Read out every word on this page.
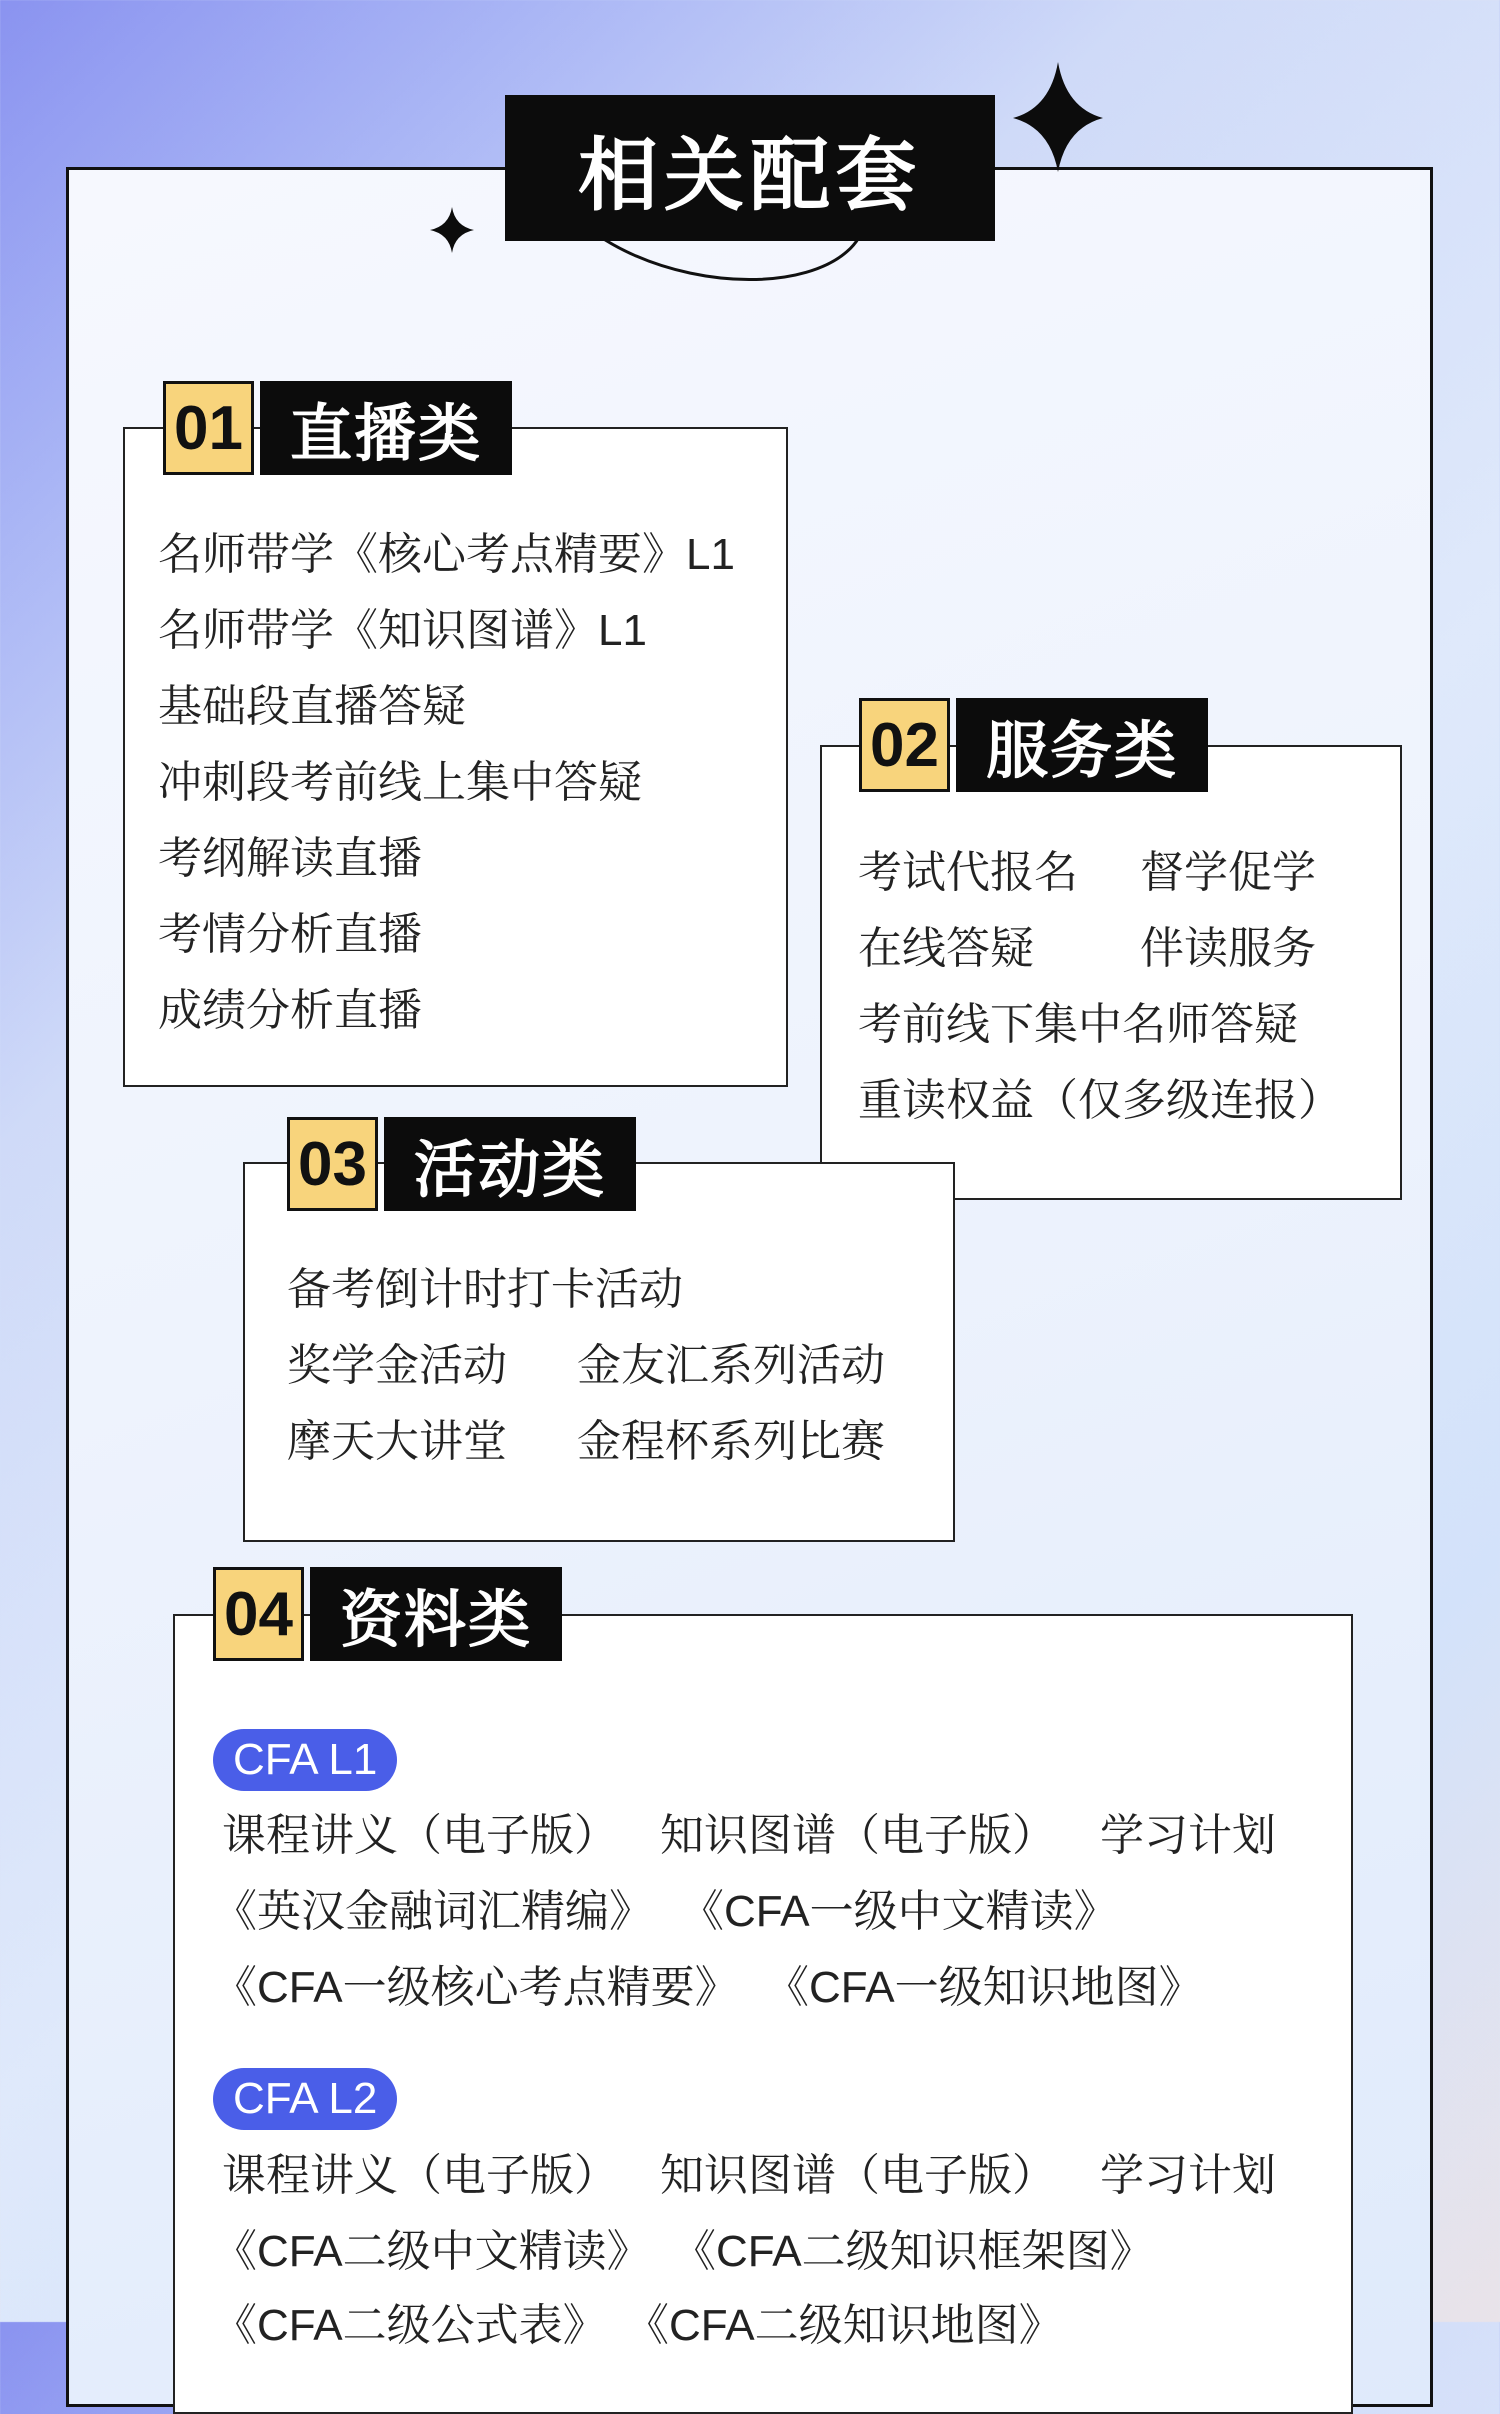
相关配套
01 直播类
名师带学《核心考点精要》L1
名师带学《知识图谱》L1
基础段直播答疑
冲刺段考前线上集中答疑
考纲解读直播
考情分析直播
成绩分析直播
02 服务类
考试代报名 督学促学
在线答疑 伴读服务
考前线下集中名师答疑
重读权益（仅多级连报）
03 活动类
备考倒计时打卡活动
奖学金活动 金友汇系列活动
摩天大讲堂 金程杯系列比赛
04 资料类
CFA L1
课程讲义（电子版） 知识图谱（电子版） 学习计划
《英汉金融词汇精编》 《CFA一级中文精读》
《CFA一级核心考点精要》 《CFA一级知识地图》
CFA L2
课程讲义（电子版） 知识图谱（电子版） 学习计划
《CFA二级中文精读》 《CFA二级知识框架图》
《CFA二级公式表》 《CFA二级知识地图》
